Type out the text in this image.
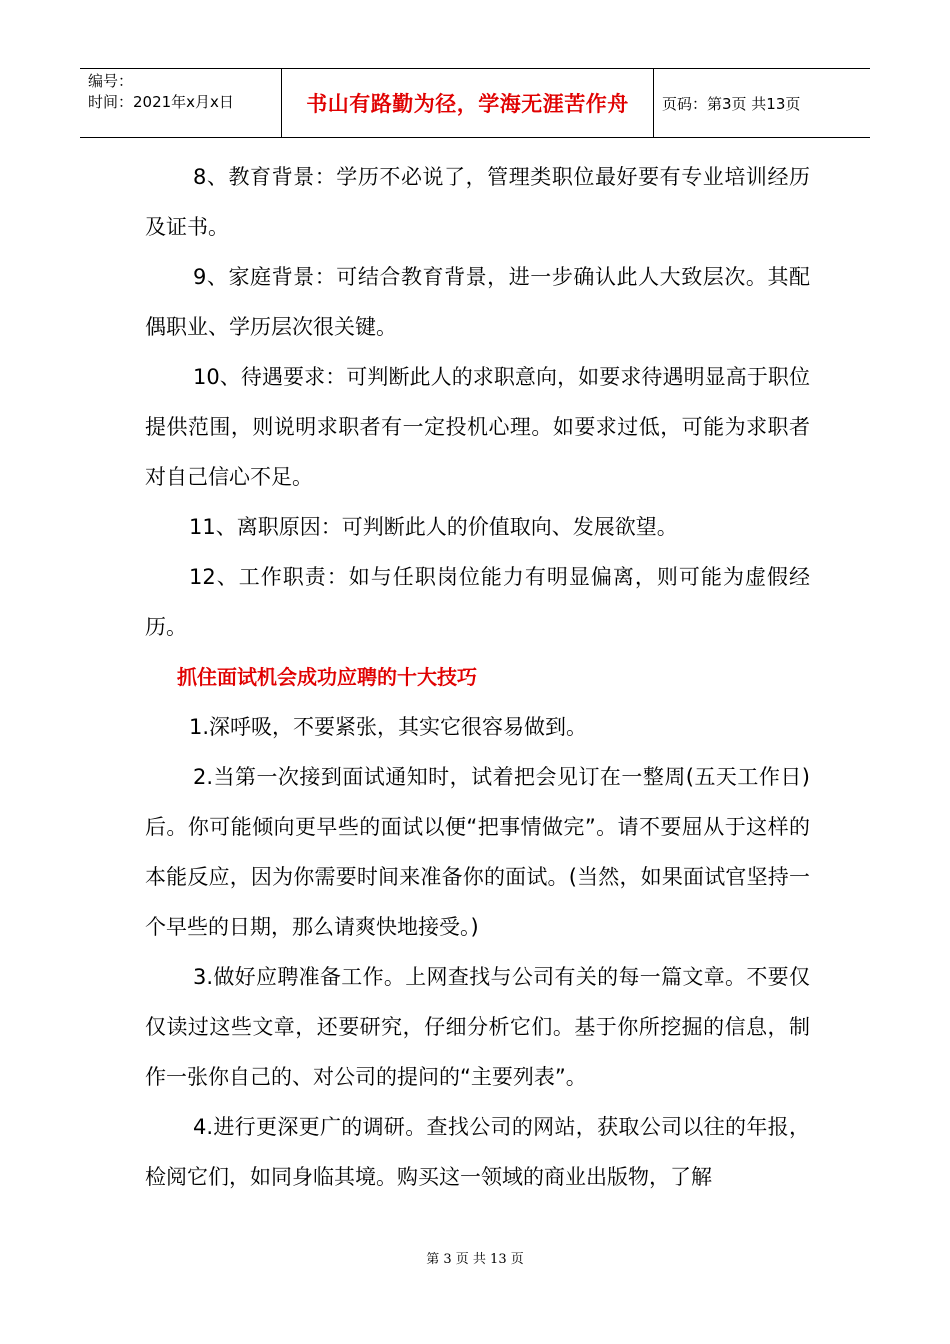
编号：
时间：2021年x月x日	书山有路勤为径，学海无涯苦作舟	页码：第3页 共13页

8、教育背景：学历不必说了，管理类职位最好要有专业培训经历及证书。

9、家庭背景：可结合教育背景，进一步确认此人大致层次。其配偶职业、学历层次很关键。

10、待遇要求：可判断此人的求职意向，如要求待遇明显高于职位提供范围，则说明求职者有一定投机心理。如要求过低，可能为求职者对自己信心不足。

11、离职原因：可判断此人的价值取向、发展欲望。

12、工作职责：如与任职岗位能力有明显偏离，则可能为虚假经历。

抓住面试机会成功应聘的十大技巧

1.深呼吸，不要紧张，其实它很容易做到。

2.当第一次接到面试通知时，试着把会见订在一整周(五天工作日)后。你可能倾向更早些的面试以便“把事情做完”。请不要屈从于这样的本能反应，因为你需要时间来准备你的面试。(当然，如果面试官坚持一个早些的日期，那么请爽快地接受。)

3.做好应聘准备工作。上网查找与公司有关的每一篇文章。不要仅仅读过这些文章，还要研究，仔细分析它们。基于你所挖掘的信息，制作一张你自己的、对公司的提问的“主要列表”。

4.进行更深更广的调研。查找公司的网站，获取公司以往的年报，检阅它们，如同身临其境。购买这一领域的商业出版物，了解

第 3 页 共 13 页
